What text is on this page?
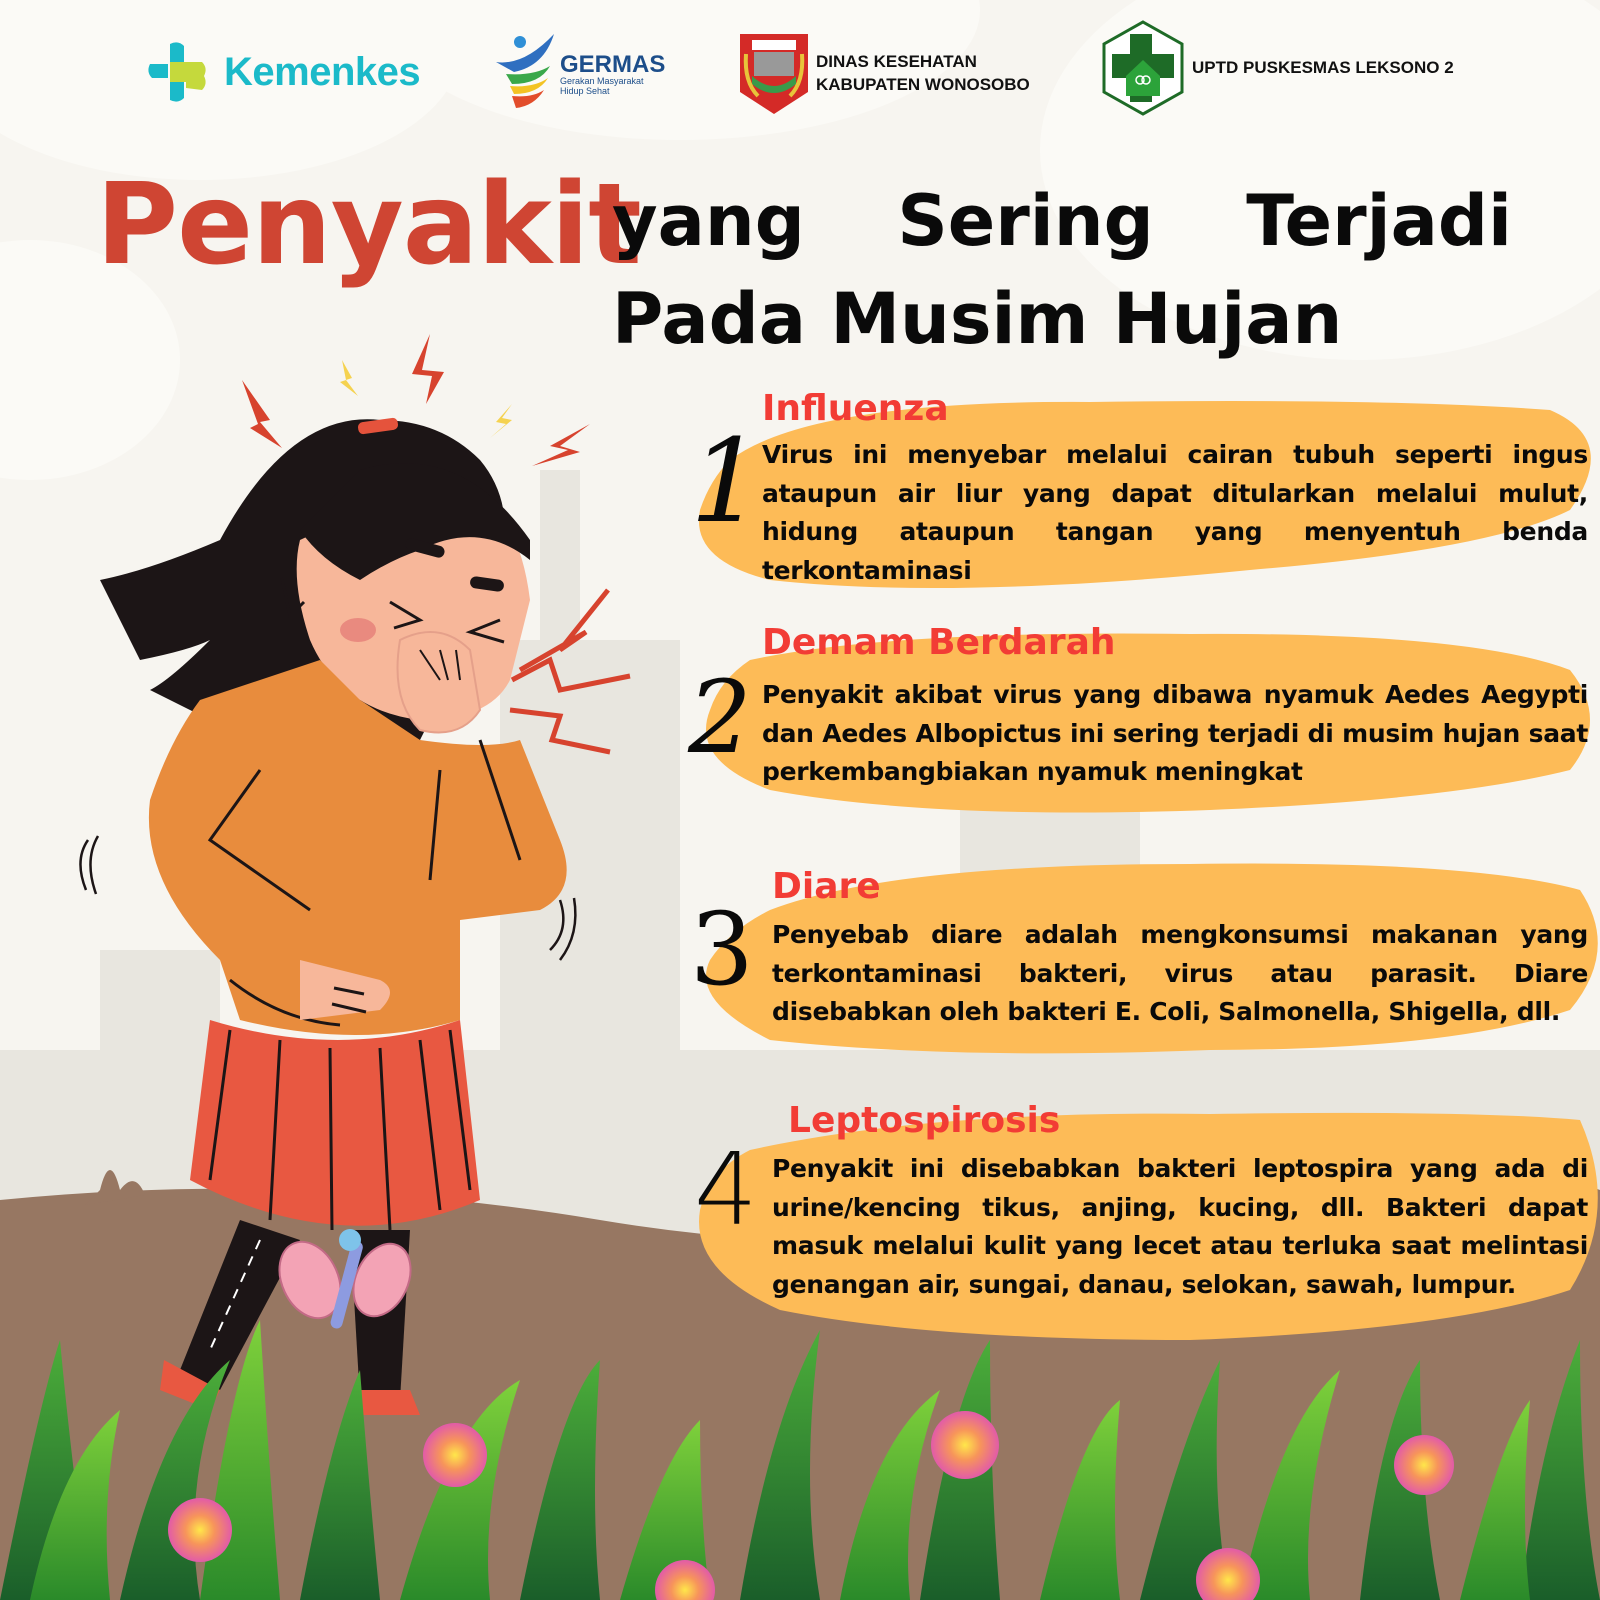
Kemenkes	GERMAS
Gerakan Masyarakat
Hidup Sehat
DINAS KESEHATAN
KABUPATEN WONOSOBO
UPTD PUSKESMAS LEKSONO 2
Penyakit
yang Sering Terjadi
Pada Musim Hujan
1
Influenza
Virus ini menyebar melalui cairan tubuh seperti ingus ataupun air liur yang dapat ditularkan melalui mulut, hidung ataupun tangan yang menyentuh benda terkontaminasi
2
Demam Berdarah
Penyakit akibat virus yang dibawa nyamuk Aedes Aegypti dan Aedes Albopictus ini sering terjadi di musim hujan saat perkembangbiakan nyamuk meningkat
3
Diare
Penyebab diare adalah mengkonsumsi makanan yang terkontaminasi bakteri, virus atau parasit. Diare disebabkan oleh bakteri E. Coli, Salmonella, Shigella, dll.
4
Leptospirosis
Penyakit ini disebabkan bakteri leptospira yang ada di urine/kencing tikus, anjing, kucing, dll. Bakteri dapat masuk melalui kulit yang lecet atau terluka saat melintasi genangan air, sungai, danau, selokan, sawah, lumpur.
